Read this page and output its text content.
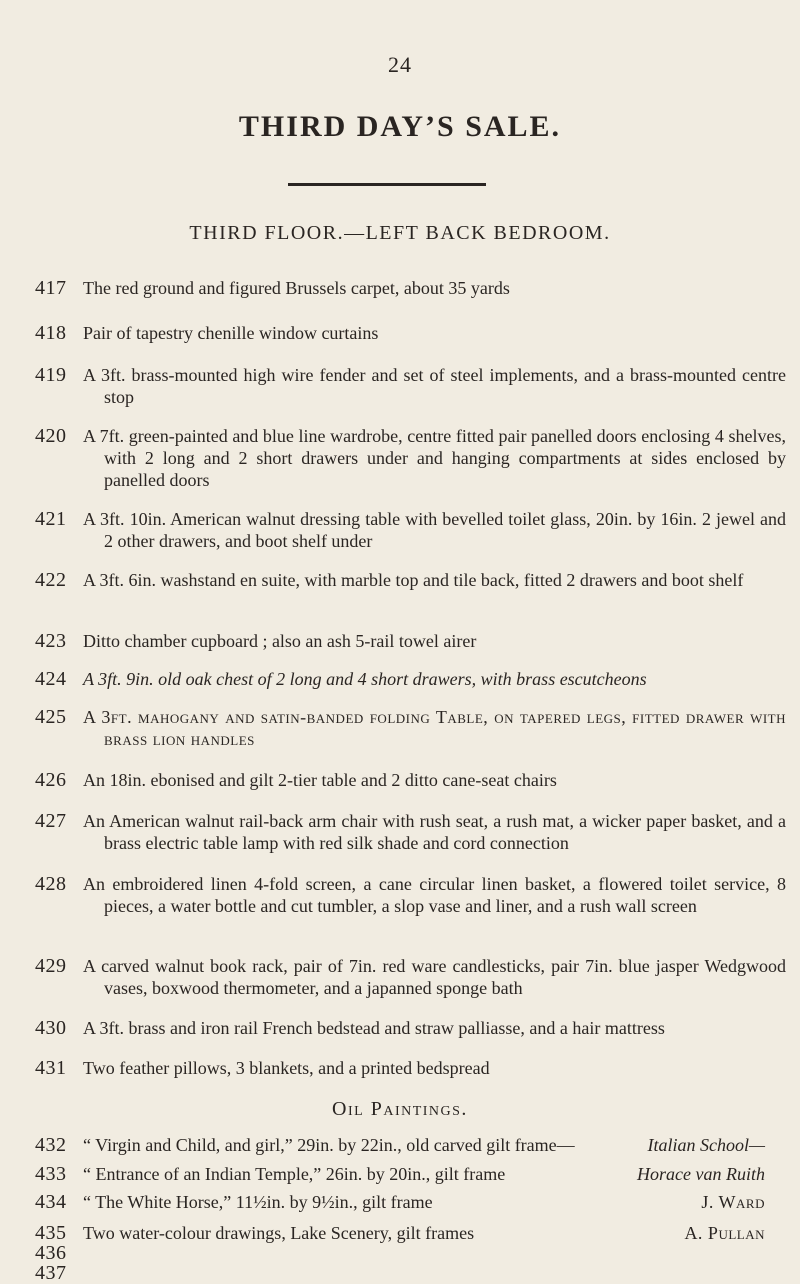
24
THIRD DAY’S SALE.
THIRD FLOOR.—LEFT BACK BEDROOM.
417 The red ground and figured Brussels carpet, about 35 yards
418 Pair of tapestry chenille window curtains
419 A 3ft. brass-mounted high wire fender and set of steel implements, and a brass-mounted centre stop
420 A 7ft. green-painted and blue line wardrobe, centre fitted pair panelled doors enclosing 4 shelves, with 2 long and 2 short drawers under and hanging compartments at sides enclosed by panelled doors
421 A 3ft. 10in. American walnut dressing table with bevelled toilet glass, 20in. by 16in. 2 jewel and 2 other drawers, and boot shelf under
422 A 3ft. 6in. washstand en suite, with marble top and tile back, fitted 2 drawers and boot shelf
423 Ditto chamber cupboard ; also an ash 5-rail towel airer
424 A 3ft. 9in. old oak chest of 2 long and 4 short drawers, with brass escutcheons
425 A 3ft. mahogany and satin-banded folding Table, on tapered legs, fitted drawer with brass lion handles
426 An 18in. ebonised and gilt 2-tier table and 2 ditto cane-seat chairs
427 An American walnut rail-back arm chair with rush seat, a rush mat, a wicker paper basket, and a brass electric table lamp with red silk shade and cord connection
428 An embroidered linen 4-fold screen, a cane circular linen basket, a flowered toilet service, 8 pieces, a water bottle and cut tumbler, a slop vase and liner, and a rush wall screen
429 A carved walnut book rack, pair of 7in. red ware candlesticks, pair 7in. blue jasper Wedgwood vases, boxwood thermometer, and a japanned sponge bath
430 A 3ft. brass and iron rail French bedstead and straw palliasse, and a hair mattress
431 Two feather pillows, 3 blankets, and a printed bedspread
Oil Paintings.
432 “ Virgin and Child, and girl,” 29in. by 22in., old carved gilt frame—	Italian School—
433 “ Entrance of an Indian Temple,” 26in. by 20in., gilt frame	Horace van Ruith
434 “ The White Horse,” 11½in. by 9½in., gilt frame	J. Ward
435 Two water-colour drawings, Lake Scenery, gilt frames	A. Pullan
436
437
